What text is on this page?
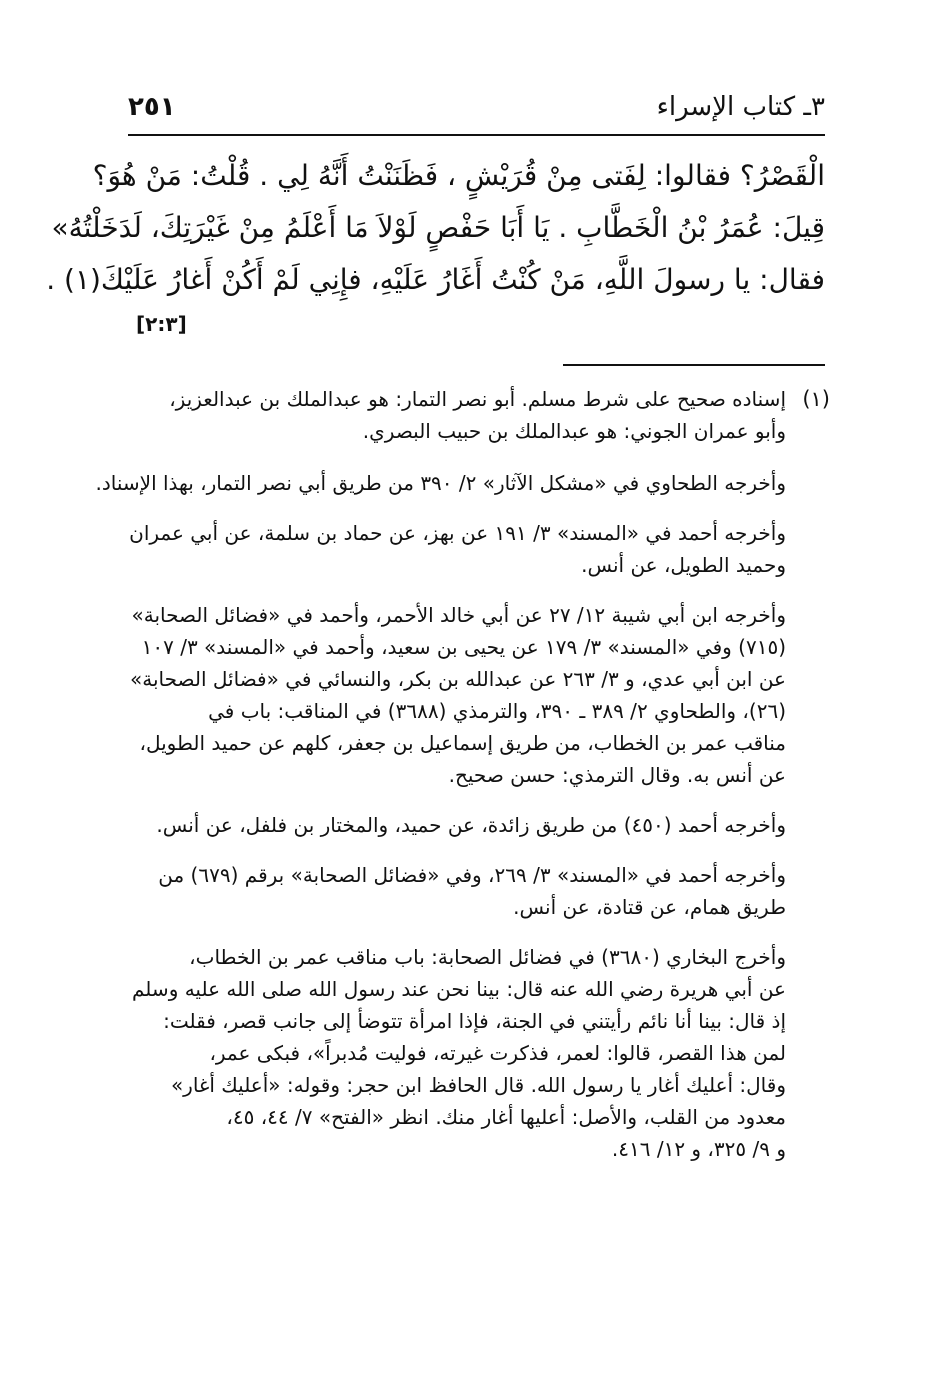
٢٥١	٣ـ كتاب الإسراء
الْقَصْرُ؟ فقالوا: لِفَتى مِنْ قُرَيْشٍ ، فَظَنَنْتُ أَنَّهُ لِي . قُلْتُ: مَنْ هُوَ؟
قِيلَ: عُمَرُ بْنُ الْخَطَّابِ . يَا أَبَا حَفْصٍ لَوْلاَ مَا أَعْلَمُ مِنْ غَيْرَتِكَ، لَدَخَلْتُهُ»
فقال: يا رسولَ اللَّهِ، مَنْ كُنْتُ أَغَارُ عَلَيْهِ، فإِنِي لَمْ أَكُنْ أَغارُ عَلَيْكَ(١) .
[٢:٣]
(١)
إسناده صحيح على شرط مسلم. أبو نصر التمار: هو عبدالملك بن عبدالعزيز،
وأبو عمران الجوني: هو عبدالملك بن حبيب البصري.
وأخرجه الطحاوي في «مشكل الآثار» ٢/ ٣٩٠ من طريق أبي نصر التمار، بهذا الإسناد.
وأخرجه أحمد في «المسند» ٣/ ١٩١ عن بهز، عن حماد بن سلمة، عن أبي عمران
وحميد الطويل، عن أنس.
وأخرجه ابن أبي شيبة ١٢/ ٢٧ عن أبي خالد الأحمر، وأحمد في «فضائل الصحابة»
(٧١٥) وفي «المسند» ٣/ ١٧٩ عن يحيى بن سعيد، وأحمد في «المسند» ٣/ ١٠٧
عن ابن أبي عدي، و ٣/ ٢٦٣ عن عبدالله بن بكر، والنسائي في «فضائل الصحابة»
(٢٦)، والطحاوي ٢/ ٣٨٩ ـ ٣٩٠، والترمذي (٣٦٨٨) في المناقب: باب في
مناقب عمر بن الخطاب، من طريق إسماعيل بن جعفر، كلهم عن حميد الطويل،
عن أنس به. وقال الترمذي: حسن صحيح.
وأخرجه أحمد (٤٥٠) من طريق زائدة، عن حميد، والمختار بن فلفل، عن أنس.
وأخرجه أحمد في «المسند» ٣/ ٢٦٩، وفي «فضائل الصحابة» برقم (٦٧٩) من
طريق همام، عن قتادة، عن أنس.
وأخرج البخاري (٣٦٨٠) في فضائل الصحابة: باب مناقب عمر بن الخطاب،
عن أبي هريرة رضي الله عنه قال: بينا نحن عند رسول الله صلى الله عليه وسلم
إذ قال: بينا أنا نائم رأيتني في الجنة، فإذا امرأة تتوضأ إلى جانب قصر، فقلت:
لمن هذا القصر، قالوا: لعمر، فذكرت غيرته، فوليت مُدبراً»، فبكى عمر،
وقال: أعليك أغار يا رسول الله. قال الحافظ ابن حجر: وقوله: «أعليك أغار»
معدود من القلب، والأصل: أعليها أغار منك. انظر «الفتح» ٧/ ٤٤، ٤٥،
و ٩/ ٣٢٥، و ١٢/ ٤١٦.
